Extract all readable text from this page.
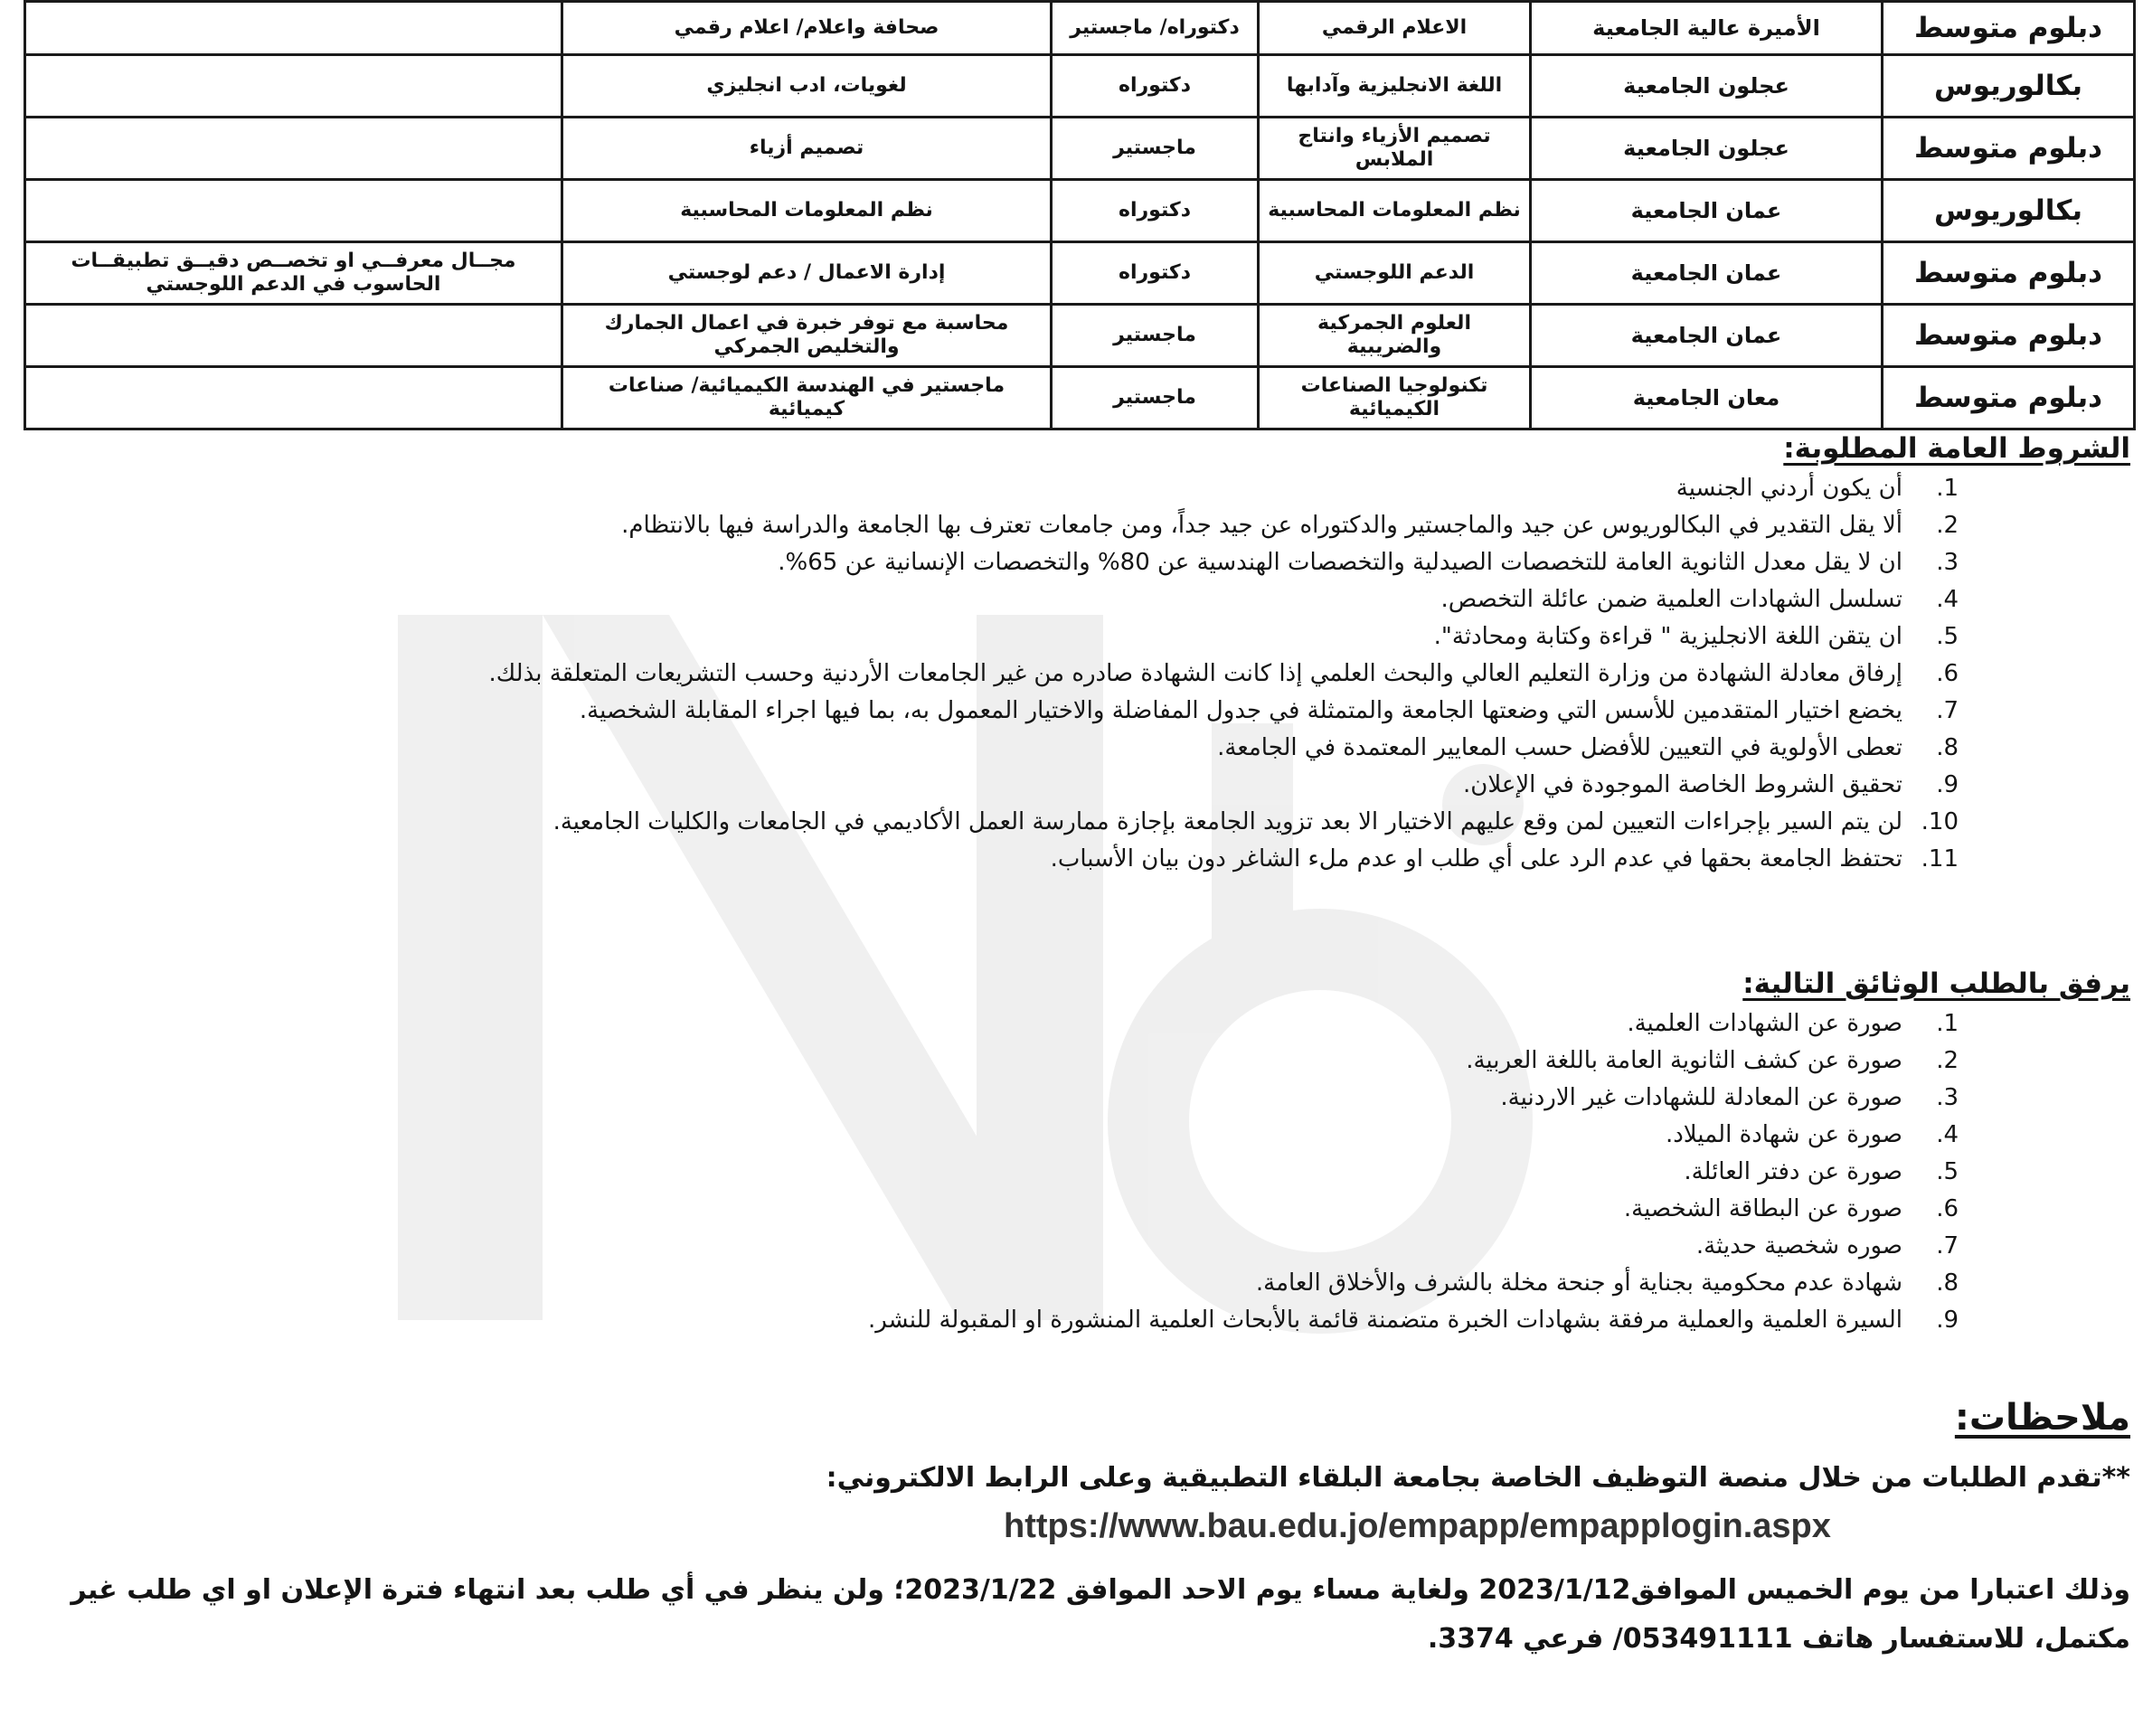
دبلوم متوسط	الأميرة عالية الجامعية	الاعلام الرقمي	دكتوراه/ ماجستير	صحافة واعلام/ اعلام رقمي	
بكالوريوس	عجلون الجامعية	اللغة الانجليزية وآدابها	دكتوراه	لغويات، ادب انجليزي	
دبلوم متوسط	عجلون الجامعية	تصميم الأزياء وانتاج الملابس	ماجستير	تصميم أزياء	
بكالوريوس	عمان الجامعية	نظم المعلومات المحاسبية	دكتوراه	نظم المعلومات المحاسبية	
دبلوم متوسط	عمان الجامعية	الدعم اللوجستي	دكتوراه	إدارة الاعمال / دعم لوجستي	مجــال معرفــي او تخصــص دقيــق تطبيقــات الحاسوب في الدعم اللوجستي
دبلوم متوسط	عمان الجامعية	العلوم الجمركية والضريبية	ماجستير	محاسبة مع توفر خبرة في اعمال الجمارك والتخليص الجمركي	
دبلوم متوسط	معان الجامعية	تكنولوجيا الصناعات الكيميائية	ماجستير	ماجستير في الهندسة الكيميائية/ صناعات كيميائية	

الشروط العامة المطلوبة:

1.أن يكون أردني الجنسية
2.ألا يقل التقدير في البكالوريوس عن جيد والماجستير والدكتوراه عن جيد جداً، ومن جامعات تعترف بها الجامعة والدراسة فيها بالانتظام.
3.ان لا يقل معدل الثانوية العامة للتخصصات الصيدلية والتخصصات الهندسية عن 80% والتخصصات الإنسانية عن 65%.
4.تسلسل الشهادات العلمية ضمن عائلة التخصص.
5.ان يتقن اللغة الانجليزية " قراءة وكتابة ومحادثة".
6.إرفاق معادلة الشهادة من وزارة التعليم العالي والبحث العلمي إذا كانت الشهادة صادره من غير الجامعات الأردنية وحسب التشريعات المتعلقة بذلك.
7.يخضع اختيار المتقدمين للأسس التي وضعتها الجامعة والمتمثلة في جدول المفاضلة والاختيار المعمول به، بما فيها اجراء المقابلة الشخصية.
8.تعطى الأولوية في التعيين للأفضل حسب المعايير المعتمدة في الجامعة.
9.تحقيق الشروط الخاصة الموجودة في الإعلان.
10.لن يتم السير بإجراءات التعيين لمن وقع عليهم الاختيار الا بعد تزويد الجامعة بإجازة ممارسة العمل الأكاديمي في الجامعات والكليات الجامعية.
11.تحتفظ الجامعة بحقها في عدم الرد على أي طلب او عدم ملء الشاغر دون بيان الأسباب.

يرفق بالطلب الوثائق التالية:

1.صورة عن الشهادات العلمية.
2.صورة عن كشف الثانوية العامة باللغة العربية.
3.صورة عن المعادلة للشهادات غير الاردنية.
4.صورة عن شهادة الميلاد.
5.صورة عن دفتر العائلة.
6.صورة عن البطاقة الشخصية.
7.صوره شخصية حديثة.
8.شهادة عدم محكومية بجناية أو جنحة مخلة بالشرف والأخلاق العامة.
9.السيرة العلمية والعملية مرفقة بشهادات الخبرة متضمنة قائمة بالأبحاث العلمية المنشورة او المقبولة للنشر.

ملاحظات:

**تقدم الطلبات من خلال منصة التوظيف الخاصة بجامعة البلقاء التطبيقية وعلى الرابط الالكتروني:

https://www.bau.edu.jo/empapp/empapplogin.aspx

وذلك اعتبارا من يوم الخميس الموافق2023/1/12 ولغاية مساء يوم الاحد الموافق 2023/1/22؛ ولن ينظر في أي طلب بعد انتهاء فترة الإعلان او اي طلب غير مكتمل، للاستفسار هاتف 053491111/ فرعي 3374.
